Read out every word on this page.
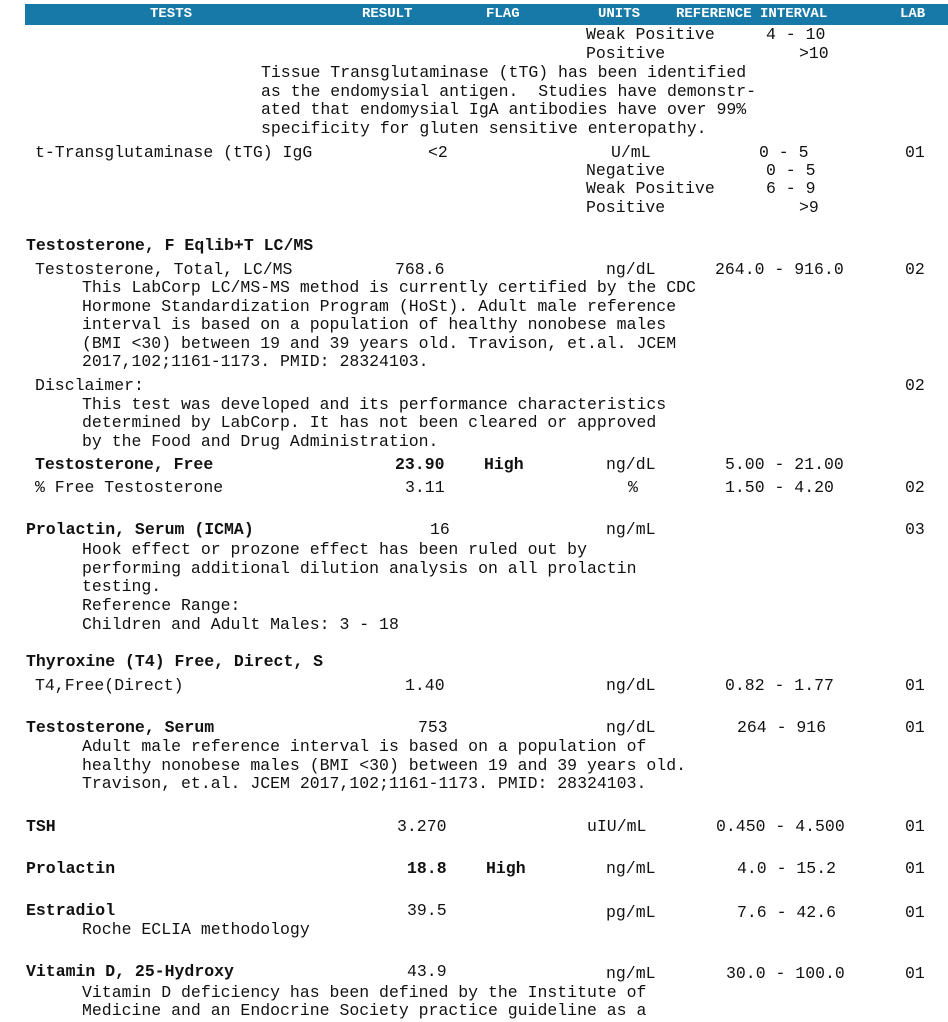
TESTS	RESULT	FLAG	UNITS	REFERENCE INTERVAL	LAB
Weak Positive	4 - 10
Positive	>10
Tissue Transglutaminase (tTG) has been identified
as the endomysial antigen.  Studies have demonstr-
ated that endomysial IgA antibodies have over 99%
specificity for gluten sensitive enteropathy.
t-Transglutaminase (tTG) IgG	<2	U/mL	0 - 5	01
Negative	0 - 5
Weak Positive	6 - 9
Positive	>9
Testosterone, F Eqlib+T LC/MS
Testosterone, Total, LC/MS	768.6	ng/dL	264.0 - 916.0	02
This LabCorp LC/MS-MS method is currently certified by the CDC
Hormone Standardization Program (HoSt). Adult male reference
interval is based on a population of healthy nonobese males
(BMI <30) between 19 and 39 years old. Travison, et.al. JCEM
2017,102;1161-1173. PMID: 28324103.
Disclaimer:	02
This test was developed and its performance characteristics
determined by LabCorp. It has not been cleared or approved
by the Food and Drug Administration.
Testosterone, Free	23.90 High	ng/dL	5.00 - 21.00
% Free Testosterone	3.11	%	1.50 - 4.20	02
Prolactin, Serum (ICMA)	16	ng/mL	03
Hook effect or prozone effect has been ruled out by
performing additional dilution analysis on all prolactin
testing.
Reference Range:
Children and Adult Males: 3 - 18
Thyroxine (T4) Free, Direct, S
T4,Free(Direct)	1.40	ng/dL	0.82 - 1.77	01
Testosterone, Serum	753	ng/dL	264 - 916	01
Adult male reference interval is based on a population of
healthy nonobese males (BMI <30) between 19 and 39 years old.
Travison, et.al. JCEM 2017,102;1161-1173. PMID: 28324103.
TSH	3.270	uIU/mL	0.450 - 4.500	01
Prolactin	18.8 High	ng/mL	4.0 - 15.2	01
Estradiol	39.5	pg/mL	7.6 - 42.6	01
Roche ECLIA methodology
Vitamin D, 25-Hydroxy	43.9	ng/mL	30.0 - 100.0	01
Vitamin D deficiency has been defined by the Institute of
Medicine and an Endocrine Society practice guideline as a
